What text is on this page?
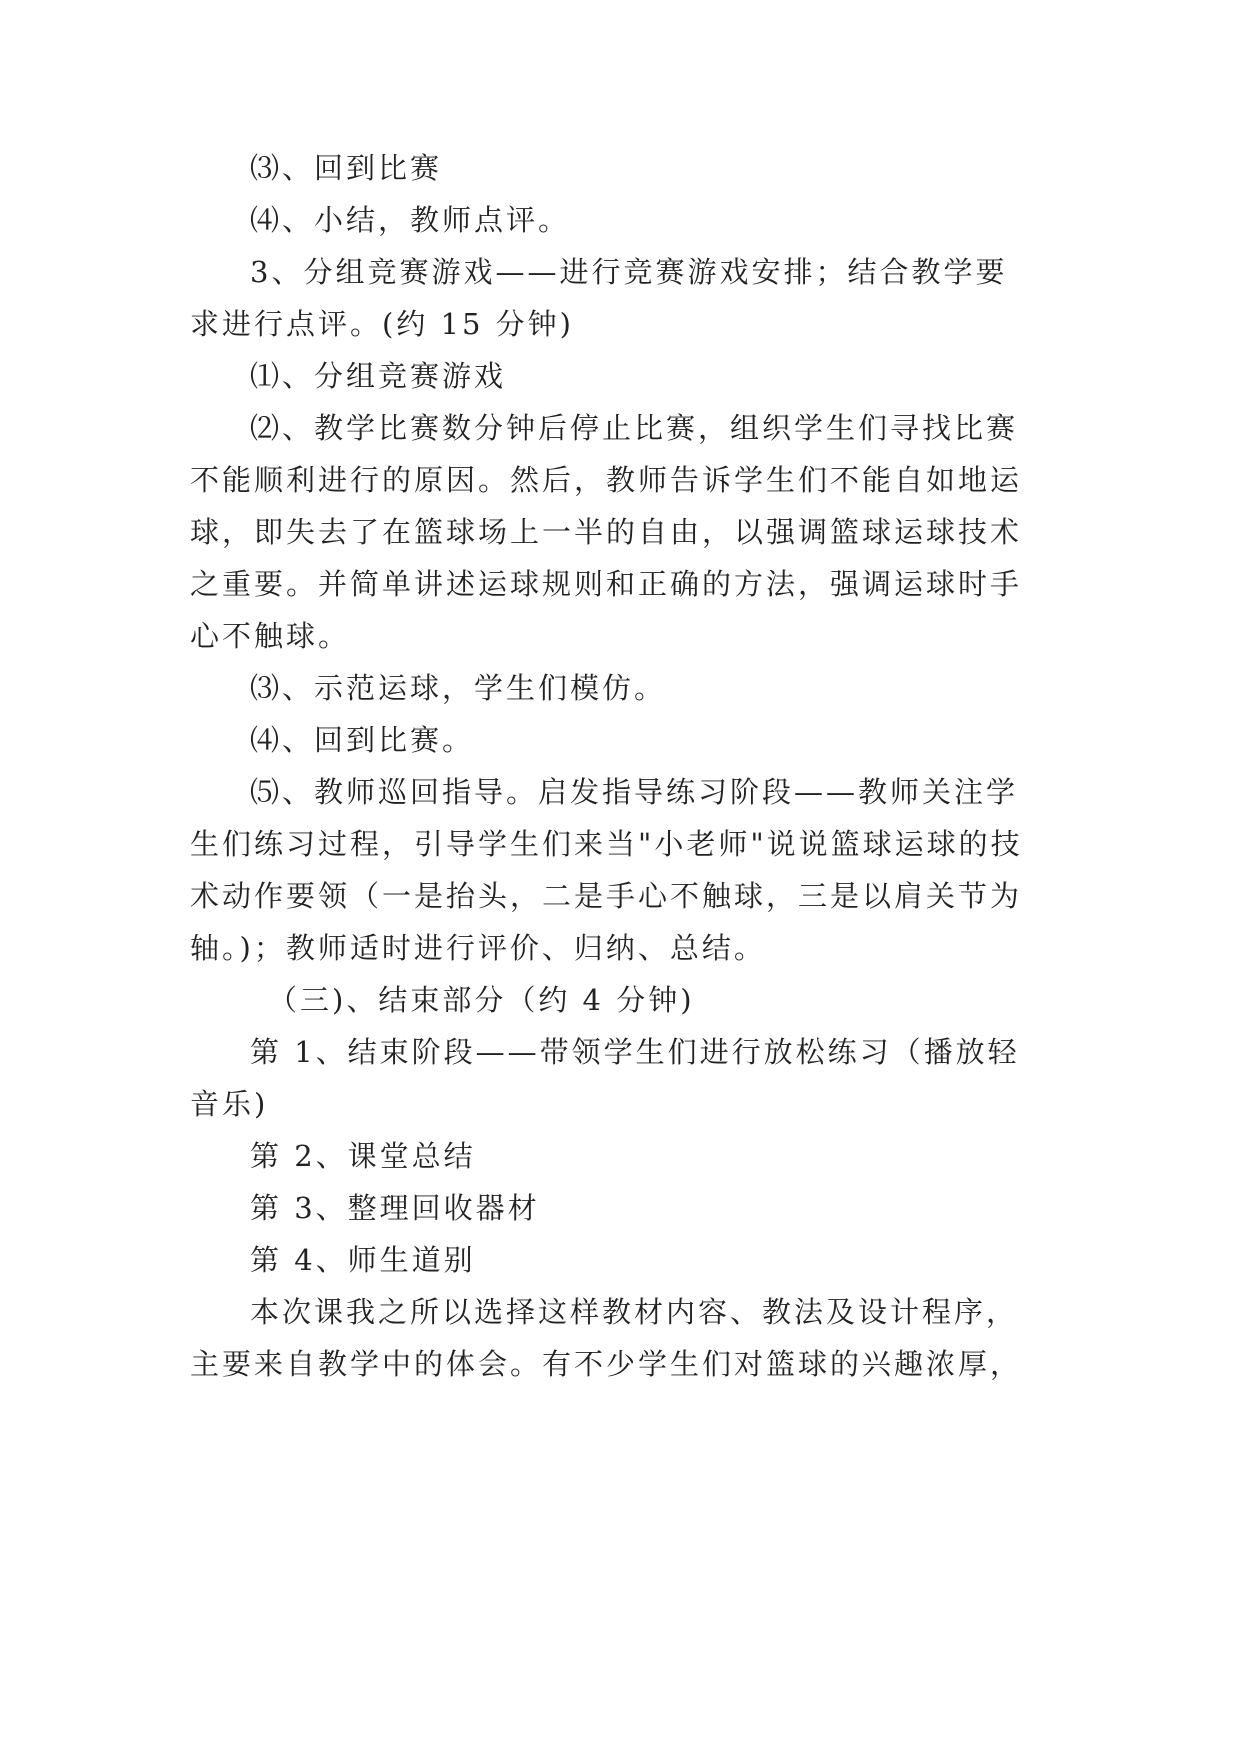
⑶、回到比赛

⑷、小结，教师点评。

3、分组竞赛游戏——进行竞赛游戏安排；结合教学要

求进行点评。(约 15 分钟)

⑴、分组竞赛游戏

⑵、教学比赛数分钟后停止比赛，组织学生们寻找比赛

不能顺利进行的原因。然后，教师告诉学生们不能自如地运

球，即失去了在篮球场上一半的自由，以强调篮球运球技术

之重要。并简单讲述运球规则和正确的方法，强调运球时手

心不触球。

⑶、示范运球，学生们模仿。

⑷、回到比赛。

⑸、教师巡回指导。启发指导练习阶段——教师关注学

生们练习过程，引导学生们来当"小老师"说说篮球运球的技

术动作要领（一是抬头，二是手心不触球，三是以肩关节为

轴。)；教师适时进行评价、归纳、总结。

（三)、结束部分（约 4 分钟)

第 1、结束阶段——带领学生们进行放松练习（播放轻

音乐)

第 2、课堂总结

第 3、整理回收器材

第 4、师生道别

本次课我之所以选择这样教材内容、教法及设计程序，

主要来自教学中的体会。有不少学生们对篮球的兴趣浓厚，
